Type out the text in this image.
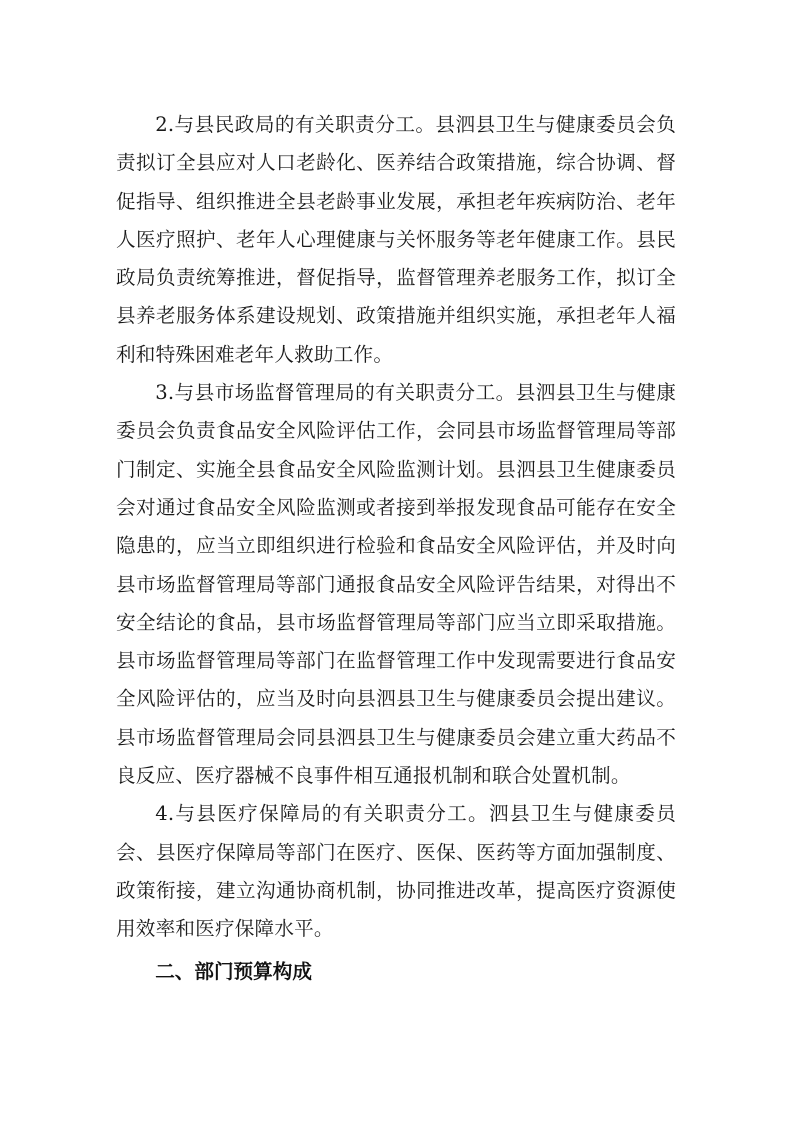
2.与县民政局的有关职责分工。县泗县卫生与健康委员会负责拟订全县应对人口老龄化、医养结合政策措施，综合协调、督促指导、组织推进全县老龄事业发展，承担老年疾病防治、老年人医疗照护、老年人心理健康与关怀服务等老年健康工作。县民政局负责统筹推进，督促指导，监督管理养老服务工作，拟订全县养老服务体系建设规划、政策措施并组织实施，承担老年人福利和特殊困难老年人救助工作。

3.与县市场监督管理局的有关职责分工。县泗县卫生与健康委员会负责食品安全风险评估工作，会同县市场监督管理局等部门制定、实施全县食品安全风险监测计划。县泗县卫生健康委员会对通过食品安全风险监测或者接到举报发现食品可能存在安全隐患的，应当立即组织进行检验和食品安全风险评估，并及时向县市场监督管理局等部门通报食品安全风险评告结果，对得出不安全结论的食品，县市场监督管理局等部门应当立即采取措施。县市场监督管理局等部门在监督管理工作中发现需要进行食品安全风险评估的，应当及时向县泗县卫生与健康委员会提出建议。县市场监督管理局会同县泗县卫生与健康委员会建立重大药品不良反应、医疗器械不良事件相互通报机制和联合处置机制。

4.与县医疗保障局的有关职责分工。泗县卫生与健康委员会、县医疗保障局等部门在医疗、医保、医药等方面加强制度、政策衔接，建立沟通协商机制，协同推进改革，提高医疗资源使用效率和医疗保障水平。

二、部门预算构成
